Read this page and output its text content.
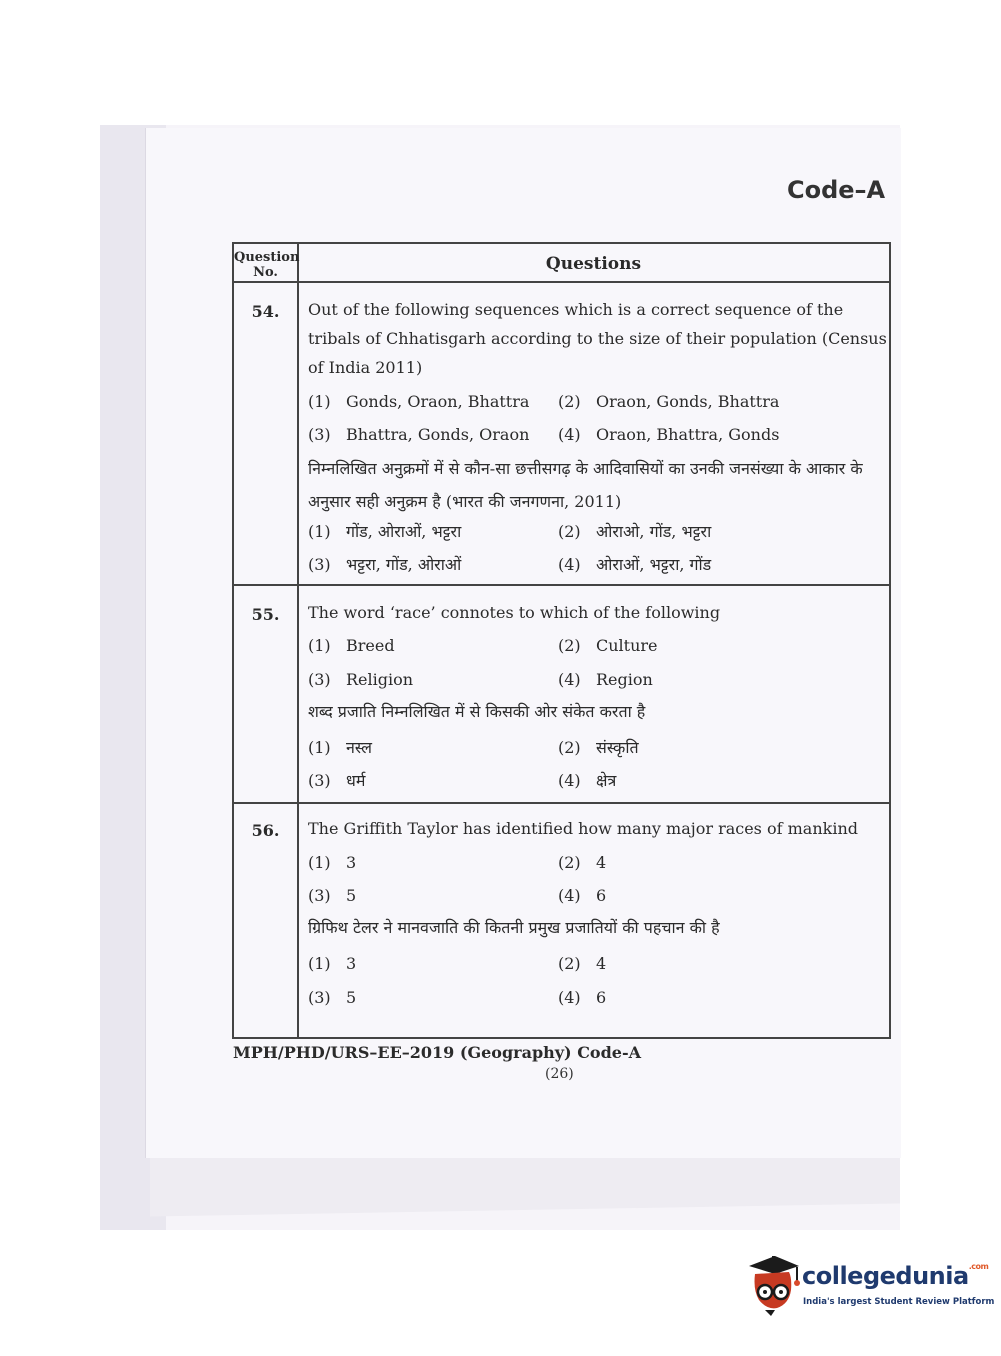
Code–A
Question No.	Questions
54.	Out of the following sequences which is a correct sequence of the tribals of Chhatisgarh according to the size of their population (Census of India 2011)
(1) Gonds, Oraon, Bhattra (2) Oraon, Gonds, Bhattra
(3) Bhattra, Gonds, Oraon (4) Oraon, Bhattra, Gonds
निम्नलिखित अनुक्रमों में से कौन-सा छत्तीसगढ़ के आदिवासियों का उनकी जनसंख्या के आकार के अनुसार सही अनुक्रम है (भारत की जनगणना, 2011)
(1) गोंड, ओराओं, भट्टरा	(2) ओराओ, गोंड, भट्टरा
(3) भट्टरा, गोंड, ओराओं	(4) ओराओं, भट्टरा, गोंड
55.	The word ‘race’ connotes to which of the following
(1) Breed	(2) Culture
(3) Religion	(4) Region
शब्द प्रजाति निम्नलिखित में से किसकी ओर संकेत करता है
(1) नस्ल	(2) संस्कृति
(3) धर्म	(4) क्षेत्र
56.	The Griffith Taylor has identified how many major races of mankind
(1) 3	(2) 4
(3) 5	(4) 6
ग्रिफिथ टेलर ने मानवजाति की कितनी प्रमुख प्रजातियों की पहचान की है
(1) 3	(2) 4
(3) 5	(4) 6
MPH/PHD/URS–EE–2019 (Geography) Code-A
(26)
collegedunia$^{.com}$
India's largest Student Review Platform
